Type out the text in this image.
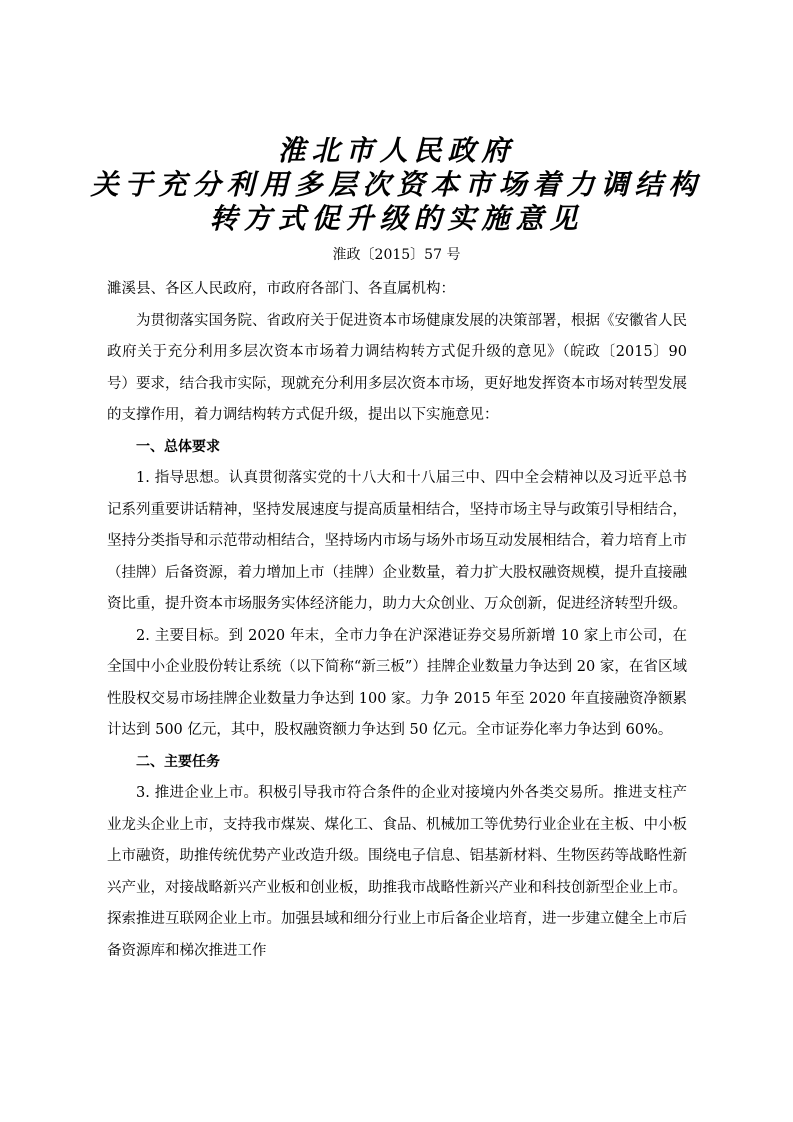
淮北市人民政府
关于充分利用多层次资本市场着力调结构
转方式促升级的实施意见
淮政〔2015〕57 号

濉溪县、各区人民政府，市政府各部门、各直属机构：

为贯彻落实国务院、省政府关于促进资本市场健康发展的决策部署，根据《安徽省人民政府关于充分利用多层次资本市场着力调结构转方式促升级的意见》（皖政〔2015〕90 号）要求，结合我市实际，现就充分利用多层次资本市场，更好地发挥资本市场对转型发展的支撑作用，着力调结构转方式促升级，提出以下实施意见：

一、总体要求

1. 指导思想。认真贯彻落实党的十八大和十八届三中、四中全会精神以及习近平总书记系列重要讲话精神，坚持发展速度与提高质量相结合，坚持市场主导与政策引导相结合，坚持分类指导和示范带动相结合，坚持场内市场与场外市场互动发展相结合，着力培育上市（挂牌）后备资源，着力增加上市（挂牌）企业数量，着力扩大股权融资规模，提升直接融资比重，提升资本市场服务实体经济能力，助力大众创业、万众创新，促进经济转型升级。

2. 主要目标。到 2020 年末，全市力争在沪深港证券交易所新增 10 家上市公司，在全国中小企业股份转让系统（以下简称“新三板”）挂牌企业数量力争达到 20 家，在省区域性股权交易市场挂牌企业数量力争达到 100 家。力争 2015 年至 2020 年直接融资净额累计达到 500 亿元，其中，股权融资额力争达到 50 亿元。全市证券化率力争达到 60%。

二、主要任务

3. 推进企业上市。积极引导我市符合条件的企业对接境内外各类交易所。推进支柱产业龙头企业上市，支持我市煤炭、煤化工、食品、机械加工等优势行业企业在主板、中小板上市融资，助推传统优势产业改造升级。围绕电子信息、铝基新材料、生物医药等战略性新兴产业，对接战略新兴产业板和创业板，助推我市战略性新兴产业和科技创新型企业上市。探索推进互联网企业上市。加强县域和细分行业上市后备企业培育，进一步建立健全上市后备资源库和梯次推进工作
